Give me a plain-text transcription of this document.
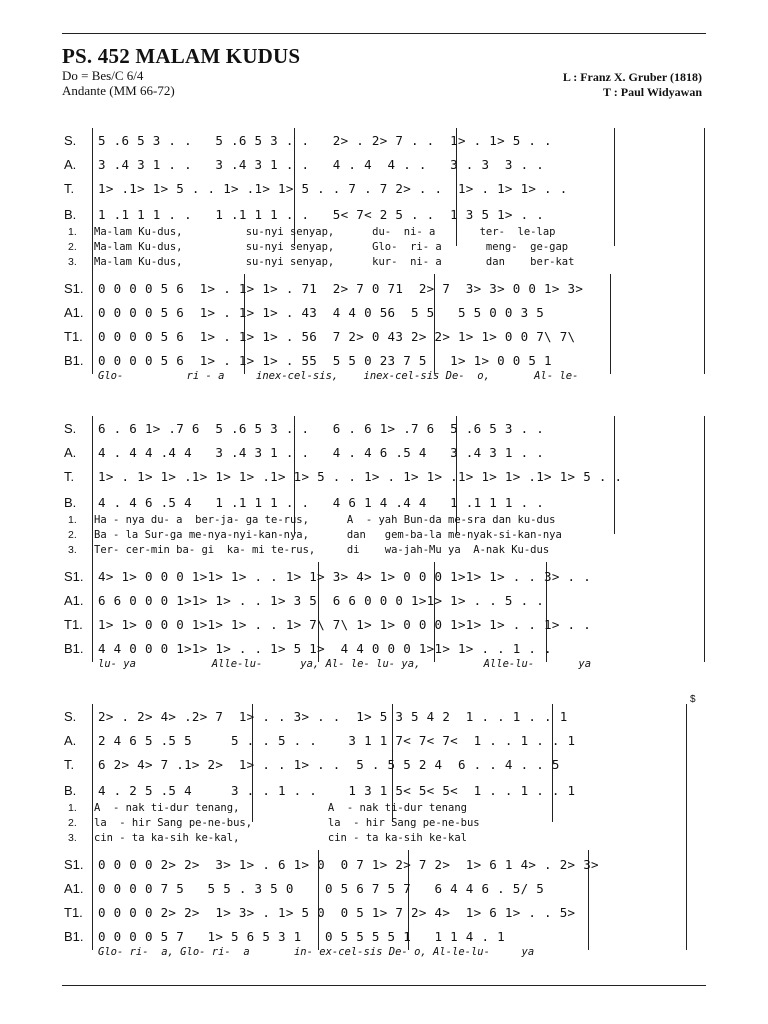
PS. 452 MALAM KUDUS
Do = Bes/C 6/4
Andante (MM 66-72)
L : Franz X. Gruber (1818)
T : Paul Widyawan
S. 5 .6 5 3 . .   5 .6 5 3 . .   2> . 2> 7 . .  1> . 1> 5 . .
A. 3 .4 3 1 . .   3 .4 3 1 . .   4 . 4  4 . .   3 . 3  3 . .
T. 1> .1> 1> 5 . . 1> .1> 1> 5 . . 7 . 7 2> . .  1> . 1> 1> . .
B. 1 .1 1 1 . .   1 .1 1 1 . .   5< 7< 2 5 . .  1 3 5 1> . .
1. Ma-lam Ku-dus,          su-nyi senyap,      du-  ni- a       ter-  le-lap
2. Ma-lam Ku-dus,          su-nyi senyap,      Glo-  ri- a       meng-  ge-gap
3. Ma-lam Ku-dus,          su-nyi senyap,      kur-  ni- a       dan    ber-kat
S1. 0 0 0 0 5 6  1> . 1> 1> . 71  2> 7 0 71  2> 7  3> 3> 0 0 1> 3>
A1. 0 0 0 0 5 6  1> . 1> 1> . 43  4 4 0 56  5 5   5 5 0 0 3 5
T1. 0 0 0 0 5 6  1> . 1> 1> . 56  7 2> 0 43 2> 2> 1> 1> 0 0 7\ 7\
B1. 0 0 0 0 5 6  1> . 1> 1> . 55  5 5 0 23 7 5   1> 1> 0 0 5 1
Glo-          ri - a     inex-cel-sis,    inex-cel-sis De-  o,       Al- le-
S. 6 . 6 1> .7 6  5 .6 5 3 . .   6 . 6 1> .7 6  5 .6 5 3 . .
A. 4 . 4 4 .4 4   3 .4 3 1 . .   4 . 4 6 .5 4   3 .4 3 1 . .
T. 1> . 1> 1> .1> 1> 1> .1> 1> 5 . . 1> . 1> 1> .1> 1> 1> .1> 1> 5 . .
B. 4 . 4 6 .5 4   1 .1 1 1 . .   4 6 1 4 .4 4   1 .1 1 1 . .
1. Ha - nya du- a  ber-ja- ga te-rus,      A  - yah Bun-da me-sra dan ku-dus
2. Ba - la Sur-ga me-nya-nyi-kan-nya,      dan   gem-ba-la me-nyak-si-kan-nya
3. Ter- cer-min ba- gi  ka- mi te-rus,     di    wa-jah-Mu ya  A-nak Ku-dus
S1. 4> 1> 0 0 0 1>1> 1> . . 1> 1> 3> 4> 1> 0 0 0 1>1> 1> . . 3> . .
A1. 6 6 0 0 0 1>1> 1> . . 1> 3 5  6 6 0 0 0 1>1> 1> . . 5 . .
T1. 1> 1> 0 0 0 1>1> 1> . . 1> 7\ 7\ 1> 1> 0 0 0 1>1> 1> . . 1> . .
B1. 4 4 0 0 0 1>1> 1> . . 1> 5 1>  4 4 0 0 0 1>1> 1> . . 1 . .
lu- ya            Alle-lu-      ya, Al- le- lu- ya,          Alle-lu-       ya
$
S. 2> . 2> 4> .2> 7  1> . . 3> . .  1> 5 3 5 4 2  1 . . 1 . . 1
A. 2 4 6 5 .5 5     5 . . 5 . .    3 1 1 7< 7< 7<  1 . . 1 . . 1
T. 6 2> 4> 7 .1> 2>  1> . . 1> . .  5 . 5 5 2 4  6 . . 4 . . 5
B. 4 . 2 5 .5 4     3 . . 1 . .    1 3 1 5< 5< 5<  1 . . 1 . . 1
1. A  - nak ti-dur tenang,              A  - nak ti-dur tenang
2. la  - hir Sang pe-ne-bus,            la  - hir Sang pe-ne-bus
3. cin - ta ka-sih ke-kal,              cin - ta ka-sih ke-kal
S1. 0 0 0 0 2> 2>  3> 1> . 6 1> 0  0 7 1> 2> 7 2>  1> 6 1 4> . 2> 3>
A1. 0 0 0 0 7 5   5 5 . 3 5 0    0 5 6 7 5 7   6 4 4 6 . 5/ 5
T1. 0 0 0 0 2> 2>  1> 3> . 1> 5 0  0 5 1> 7 2> 4>  1> 6 1> . . 5>
B1. 0 0 0 0 5 7   1> 5 6 5 3 1   0 5 5 5 5 1   1 1 4 . 1
Glo- ri-  a, Glo- ri-  a       in- ex-cel-sis De- o, Al-le-lu-     ya
